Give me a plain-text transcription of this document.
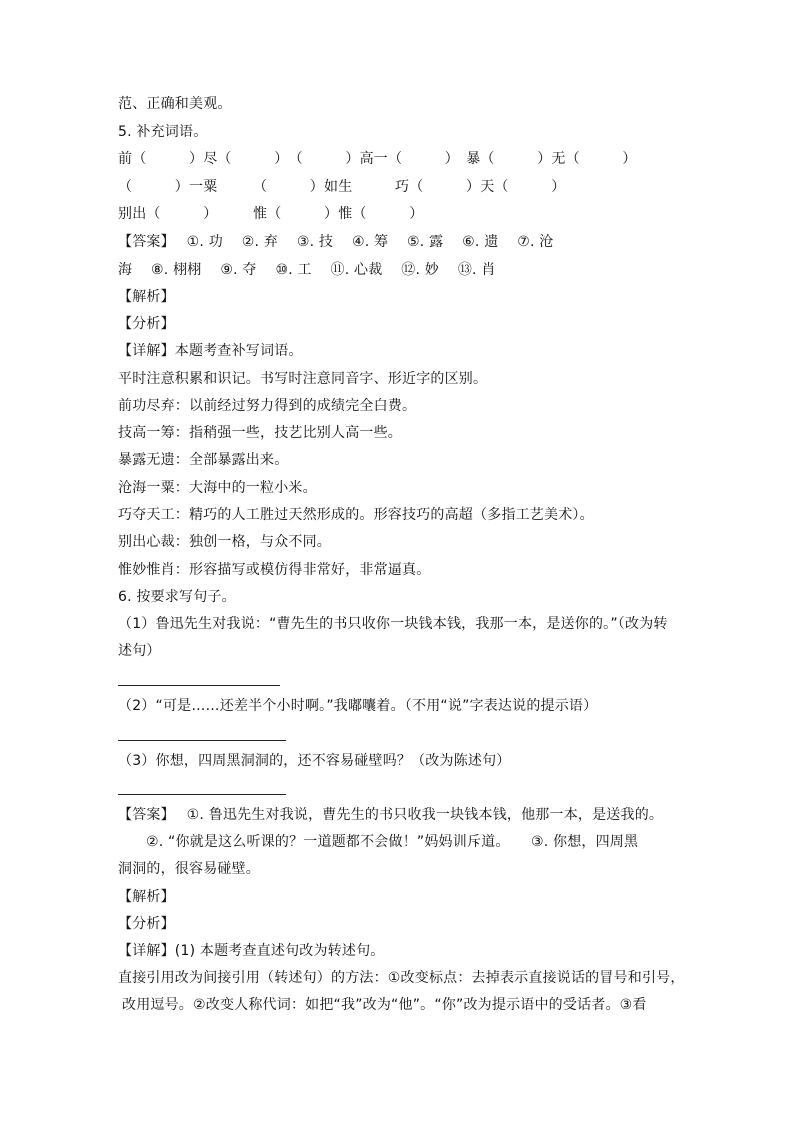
范、正确和美观。
5. 补充词语。
前（　　　）尽（　　　）　（　　　）高一（　　　）　暴（　　　）无（　　　）
（　　　）一粟　　　（　　　）如生　　　巧（　　　）天（　　　）
别出（　　　）　　　惟（　　　）惟（　　　）
【答案】　 ①. 功　 ②. 弃　 ③. 技　 ④. 筹　 ⑤. 露　 ⑥. 遗　 ⑦. 沧
海　 ⑧. 栩栩　 ⑨. 夺　 ⑩. 工　 ⑪. 心裁　 ⑫. 妙　 ⑬. 肖
【解析】
【分析】
【详解】本题考查补写词语。
平时注意积累和识记。书写时注意同音字、形近字的区别。
前功尽弃：以前经过努力得到的成绩完全白费。
技高一筹：指稍强一些，技艺比别人高一些。
暴露无遗：全部暴露出来。
沧海一粟：大海中的一粒小米。
巧夺天工：精巧的人工胜过天然形成的。形容技巧的高超（多指工艺美术）。
别出心裁：独创一格，与众不同。
惟妙惟肖：形容描写或模仿得非常好，非常逼真。
6. 按要求写句子。
（1）鲁迅先生对我说：“曹先生的书只收你一块钱本钱，我那一本，是送你的。”（改为转
述句）
（2）“可是……还差半个小时啊。”我嘟囔着。（不用“说”字表达说的提示语）
（3）你想，四周黑洞洞的，还不容易碰壁吗？（改为陈述句）
【答案】　 ①. 鲁迅先生对我说，曹先生的书只收我一块钱本钱，他那一本，是送我的。
②. “你就是这么听课的？一道题都不会做！”妈妈训斥道。　　③. 你想，四周黑
洞洞的，很容易碰壁。
【解析】
【分析】
【详解】(1) 本题考查直述句改为转述句。
直接引用改为间接引用（转述句）的方法：①改变标点：去掉表示直接说话的冒号和引号，
改用逗号。②改变人称代词：如把“我”改为“他”。“你”改为提示语中的受话者。③看
